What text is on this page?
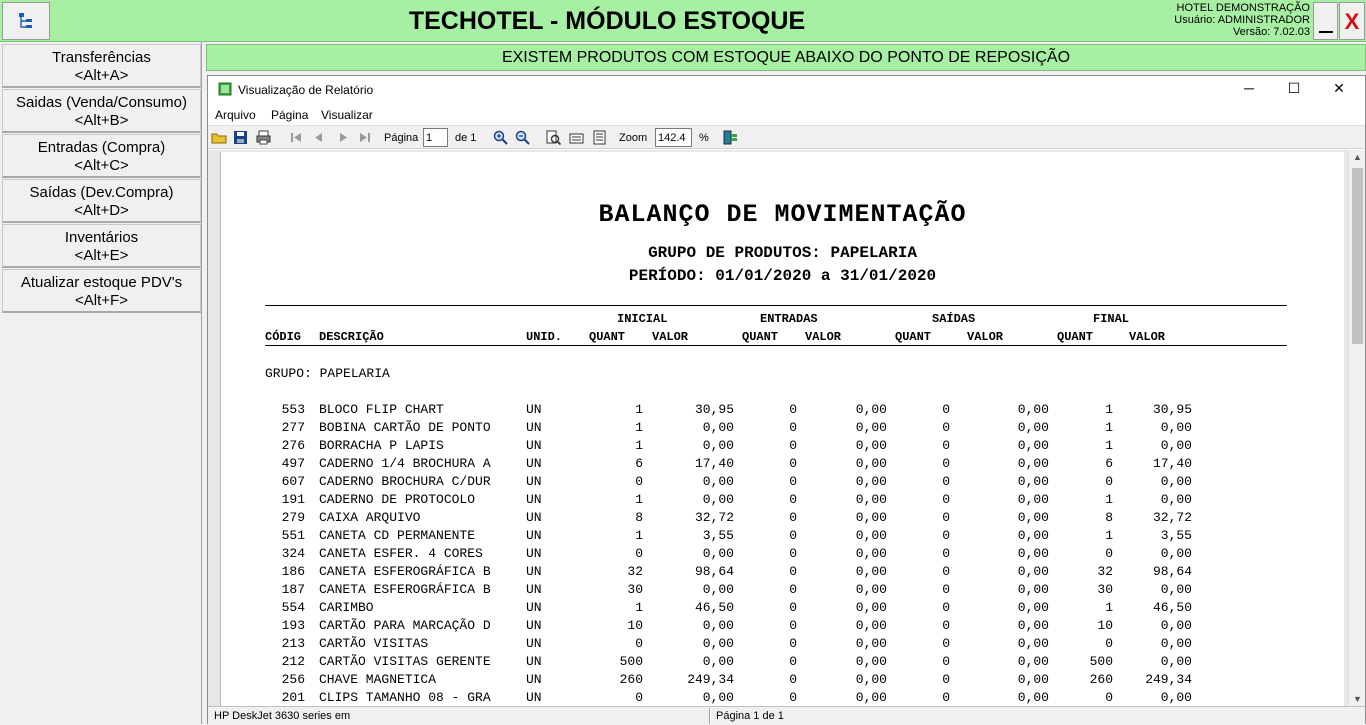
TECHOTEL - MÓDULO ESTOQUE	HOTEL DEMONSTRAÇÃO
Usuário: ADMINISTRADOR
Versão: 7.02.03 X
Transferências
<Alt+A>
Saidas (Venda/Consumo)
<Alt+B>
Entradas (Compra)
<Alt+C>
Saídas (Dev.Compra)
<Alt+D>
Inventários
<Alt+E>
Atualizar estoque PDV's
<Alt+F>
EXISTEM PRODUTOS COM ESTOQUE ABAIXO DO PONTO DE REPOSIÇÃO
Visualização de Relatório	─	☐	✕
Arquivo Página Visualizar
Página
1	de 1	Zoom
142.4	%
BALANÇO DE MOVIMENTAÇÃO
GRUPO DE PRODUTOS: PAPELARIA
PERÍODO: 01/01/2020 a 31/01/2020
INICIAL	ENTRADAS	SAÍDAS	FINAL
CÓDIG DESCRIÇÃO	UNID. QUANT VALOR	QUANT VALOR	QUANT	VALOR	QUANT	VALOR
GRUPO: PAPELARIA
553 BLOCO FLIP CHART	UN	1	30,95	0	0,00	0	0,00	1	30,95
277 BOBINA CARTÃO DE PONTO	UN	1	0,00	0	0,00	0	0,00	1	0,00
276 BORRACHA P LAPIS	UN	1	0,00	0	0,00	0	0,00	1	0,00
497 CADERNO 1/4 BROCHURA A	UN	6	17,40	0	0,00	0	0,00	6	17,40
607 CADERNO BROCHURA C/DUR	UN	0	0,00	0	0,00	0	0,00	0	0,00
191 CADERNO DE PROTOCOLO	UN	1	0,00	0	0,00	0	0,00	1	0,00
279 CAIXA ARQUIVO	UN	8	32,72	0	0,00	0	0,00	8	32,72
551 CANETA CD PERMANENTE	UN	1	3,55	0	0,00	0	0,00	1	3,55
324 CANETA ESFER. 4 CORES	UN	0	0,00	0	0,00	0	0,00	0	0,00
186 CANETA ESFEROGRÁFICA B	UN	32	98,64	0	0,00	0	0,00	32	98,64
187 CANETA ESFEROGRÁFICA B	UN	30	0,00	0	0,00	0	0,00	30	0,00
554 CARIMBO	UN	1	46,50	0	0,00	0	0,00	1	46,50
193 CARTÃO PARA MARCAÇÃO D	UN	10	0,00	0	0,00	0	0,00	10	0,00
213 CARTÃO VISITAS	UN	0	0,00	0	0,00	0	0,00	0	0,00
212 CARTÃO VISITAS GERENTE	UN	500	0,00	0	0,00	0	0,00	500	0,00
256 CHAVE MAGNETICA	UN	260	249,34	0	0,00	0	0,00	260	249,34
201 CLIPS TAMANHO 08 - GRA	UN	0	0,00	0	0,00	0	0,00	0	0,00
▲
▼
HP DeskJet 3630 series em	Página 1 de 1
